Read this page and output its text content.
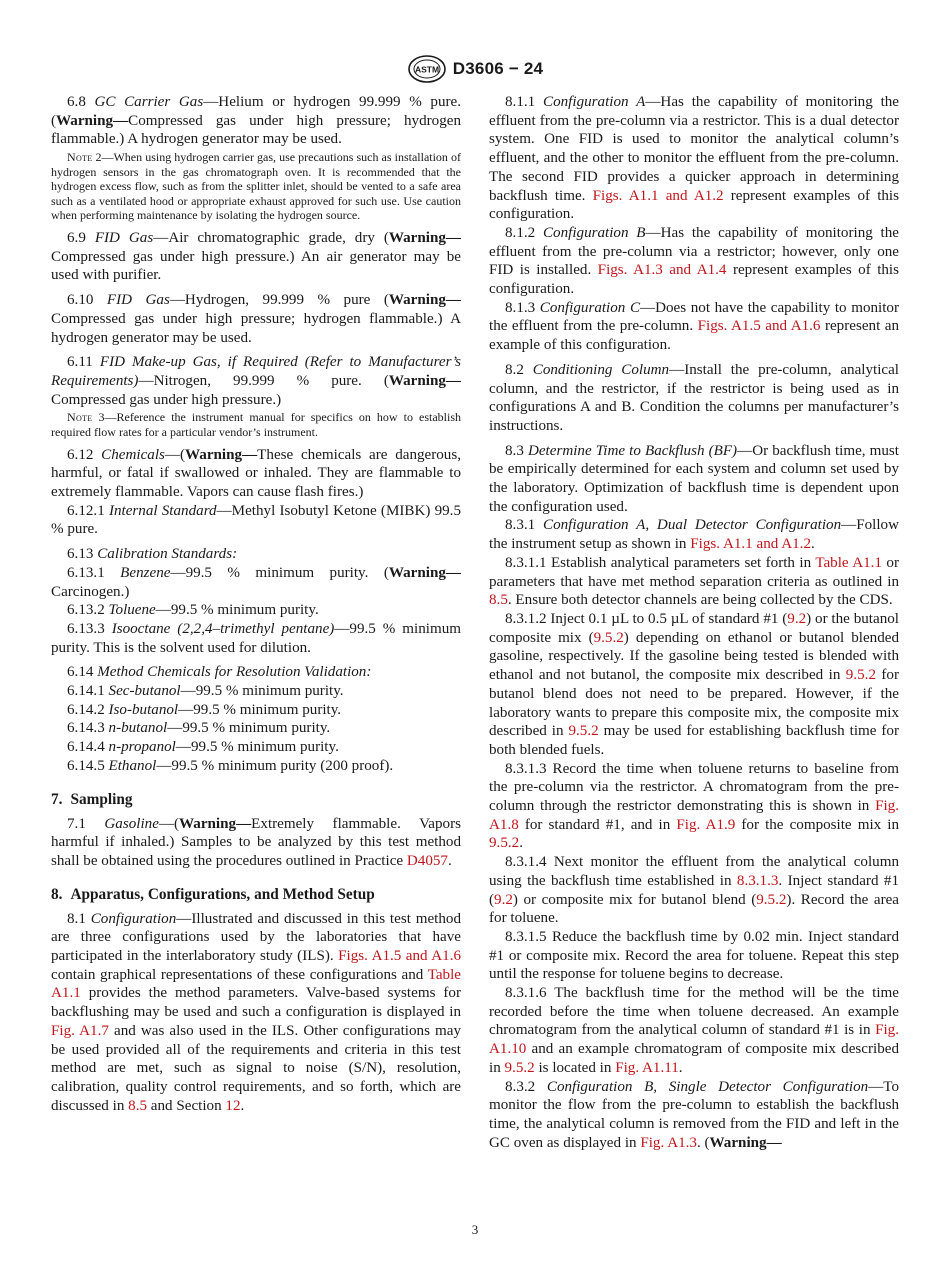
ASTM D3606 − 24

6.8 GC Carrier Gas—Helium or hydrogen 99.999 % pure. (Warning—Compressed gas under high pressure; hydrogen flammable.) A hydrogen generator may be used.

Note 2—When using hydrogen carrier gas, use precautions such as installation of hydrogen sensors in the gas chromatograph oven. It is recommended that the hydrogen excess flow, such as from the splitter inlet, should be vented to a safe area such as a ventilated hood or appropriate exhaust approved for such use. Use caution when performing maintenance by isolating the hydrogen source.

6.9 FID Gas—Air chromatographic grade, dry (Warning—Compressed gas under high pressure.) An air generator may be used with purifier.

6.10 FID Gas—Hydrogen, 99.999 % pure (Warning—Compressed gas under high pressure; hydrogen flammable.) A hydrogen generator may be used.

6.11 FID Make-up Gas, if Required (Refer to Manufacturer’s Requirements)—Nitrogen, 99.999 % pure. (Warning—Compressed gas under high pressure.)

Note 3—Reference the instrument manual for specifics on how to establish required flow rates for a particular vendor’s instrument.

6.12 Chemicals—(Warning—These chemicals are dangerous, harmful, or fatal if swallowed or inhaled. They are flammable to extremely flammable. Vapors can cause flash fires.)

6.12.1 Internal Standard—Methyl Isobutyl Ketone (MIBK) 99.5 % pure.

6.13 Calibration Standards:

6.13.1 Benzene—99.5 % minimum purity. (Warning—Carcinogen.)

6.13.2 Toluene—99.5 % minimum purity.

6.13.3 Isooctane (2,2,4–trimethyl pentane)—99.5 % minimum purity. This is the solvent used for dilution.

6.14 Method Chemicals for Resolution Validation:

6.14.1 Sec-butanol—99.5 % minimum purity.

6.14.2 Iso-butanol—99.5 % minimum purity.

6.14.3 n-butanol—99.5 % minimum purity.

6.14.4 n-propanol—99.5 % minimum purity.

6.14.5 Ethanol—99.5 % minimum purity (200 proof).

7. Sampling

7.1 Gasoline—(Warning—Extremely flammable. Vapors harmful if inhaled.) Samples to be analyzed by this test method shall be obtained using the procedures outlined in Practice D4057.

8. Apparatus, Configurations, and Method Setup

8.1 Configuration—Illustrated and discussed in this test method are three configurations used by the laboratories that have participated in the interlaboratory study (ILS). Figs. A1.5 and A1.6 contain graphical representations of these configurations and Table A1.1 provides the method parameters. Valve-based systems for backflushing may be used and such a configuration is displayed in Fig. A1.7 and was also used in the ILS. Other configurations may be used provided all of the requirements and criteria in this test method are met, such as signal to noise (S/N), resolution, calibration, quality control requirements, and so forth, which are discussed in 8.5 and Section 12.

8.1.1 Configuration A—Has the capability of monitoring the effluent from the pre-column via a restrictor. This is a dual detector system. One FID is used to monitor the analytical column’s effluent, and the other to monitor the effluent from the pre-column. The second FID provides a quicker approach in determining backflush time. Figs. A1.1 and A1.2 represent examples of this configuration.

8.1.2 Configuration B—Has the capability of monitoring the effluent from the pre-column via a restrictor; however, only one FID is installed. Figs. A1.3 and A1.4 represent examples of this configuration.

8.1.3 Configuration C—Does not have the capability to monitor the effluent from the pre-column. Figs. A1.5 and A1.6 represent an example of this configuration.

8.2 Conditioning Column—Install the pre-column, analytical column, and the restrictor, if the restrictor is being used as in configurations A and B. Condition the columns per manufacturer’s instructions.

8.3 Determine Time to Backflush (BF)—Or backflush time, must be empirically determined for each system and column set used by the laboratory. Optimization of backflush time is dependent upon the configuration used.

8.3.1 Configuration A, Dual Detector Configuration—Follow the instrument setup as shown in Figs. A1.1 and A1.2.

8.3.1.1 Establish analytical parameters set forth in Table A1.1 or parameters that have met method separation criteria as outlined in 8.5. Ensure both detector channels are being collected by the CDS.

8.3.1.2 Inject 0.1 µL to 0.5 µL of standard #1 (9.2) or the butanol composite mix (9.5.2) depending on ethanol or butanol blended gasoline, respectively. If the gasoline being tested is blended with ethanol and not butanol, the composite mix described in 9.5.2 for butanol blend does not need to be prepared. However, if the laboratory wants to prepare this composite mix, the composite mix described in 9.5.2 may be used for establishing backflush time for both blended fuels.

8.3.1.3 Record the time when toluene returns to baseline from the pre-column via the restrictor. A chromatogram from the pre-column through the restrictor demonstrating this is shown in Fig. A1.8 for standard #1, and in Fig. A1.9 for the composite mix in 9.5.2.

8.3.1.4 Next monitor the effluent from the analytical column using the backflush time established in 8.3.1.3. Inject standard #1 (9.2) or composite mix for butanol blend (9.5.2). Record the area for toluene.

8.3.1.5 Reduce the backflush time by 0.02 min. Inject standard #1 or composite mix. Record the area for toluene. Repeat this step until the response for toluene begins to decrease.

8.3.1.6 The backflush time for the method will be the time recorded before the time when toluene decreased. An example chromatogram from the analytical column of standard #1 is in Fig. A1.10 and an example chromatogram of composite mix described in 9.5.2 is located in Fig. A1.11.

8.3.2 Configuration B, Single Detector Configuration—To monitor the flow from the pre-column to establish the backflush time, the analytical column is removed from the FID and left in the GC oven as displayed in Fig. A1.3. (Warning—

3
